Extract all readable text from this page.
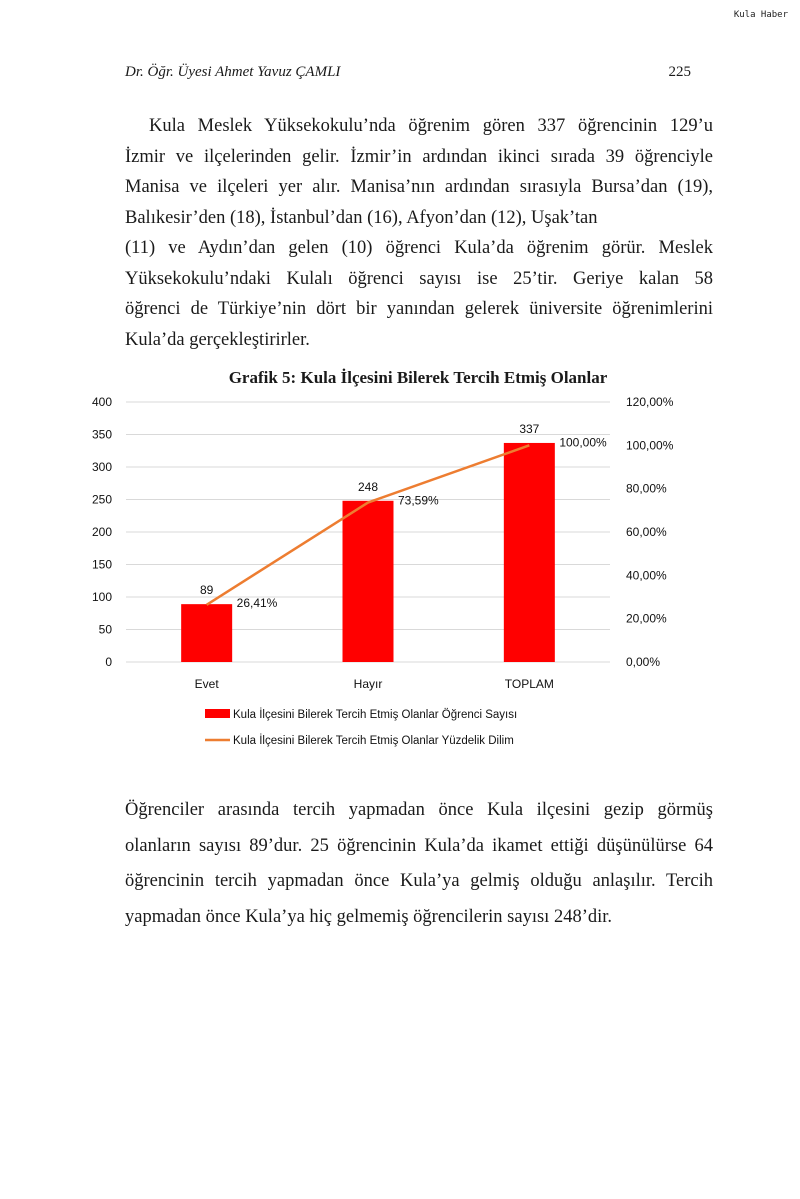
Kula Haber
Dr. Öğr. Üyesi Ahmet Yavuz ÇAMLI	225
Kula Meslek Yüksekokulu’nda öğrenim gören 337 öğrencinin 129’u
İzmir ve ilçelerinden gelir. İzmir’in ardından ikinci sırada 39 öğrenciyle
Manisa ve ilçeleri yer alır. Manisa’nın ardından sırasıyla Bursa’dan (19),
Balıkesir’den (18), İstanbul’dan (16), Afyon’dan (12), Uşak’tan
(11) ve Aydın’dan gelen (10) öğrenci Kula’da öğrenim görür. Meslek
Yüksekokulu’ndaki Kulalı öğrenci sayısı ise 25’tir. Geriye kalan 58
öğrenci de Türkiye’nin dört bir yanından gelerek üniversite öğrenimlerini
Kula’da gerçekleştirirler.
Grafik 5: Kula İlçesini Bilerek Tercih Etmiş Olanlar
0
50
100
150
200
250
300
350
400
0,00%
20,00%
40,00%
60,00%
80,00%
100,00%
120,00%
89
248
337
26,41%
73,59%
100,00%
Evet	Hayır	TOPLAM
Kula İlçesini Bilerek Tercih Etmiş Olanlar Öğrenci Sayısı
Kula İlçesini Bilerek Tercih Etmiş Olanlar Yüzdelik Dilim
Öğrenciler arasında tercih yapmadan önce Kula ilçesini gezip görmüş
olanların sayısı 89’dur. 25 öğrencinin Kula’da ikamet ettiği düşünülürse 64
öğrencinin tercih yapmadan önce Kula’ya gelmiş olduğu anlaşılır. Tercih
yapmadan önce Kula’ya hiç gelmemiş öğrencilerin sayısı 248’dir.
